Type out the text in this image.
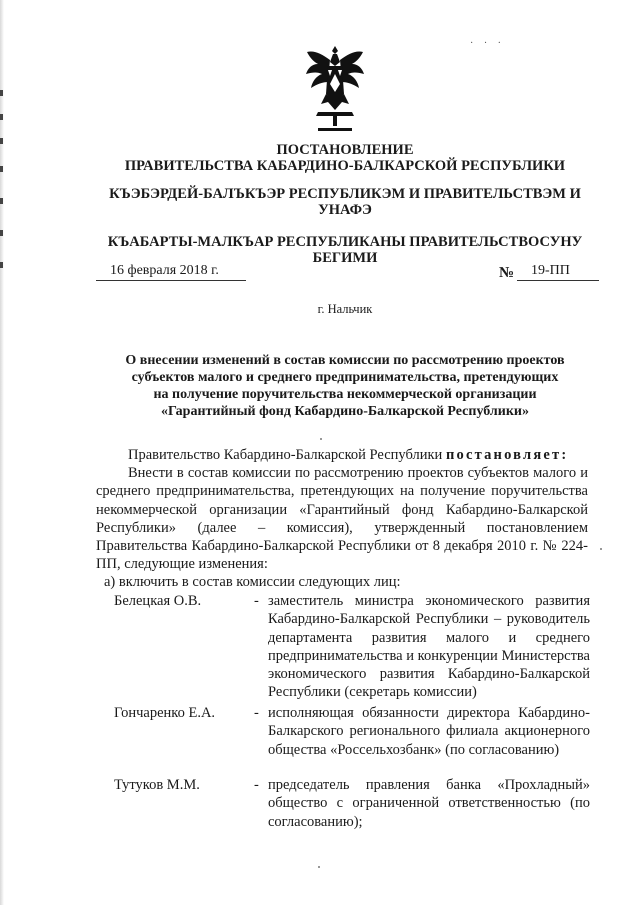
· · ·
ПОСТАНОВЛЕНИЕ
ПРАВИТЕЛЬСТВА КАБАРДИНО-БАЛКАРСКОЙ РЕСПУБЛИКИ
КЪЭБЭРДЕЙ-БАЛЪКЪЭР РЕСПУБЛИКЭМ И ПРАВИТЕЛЬСТВЭМ И
УНАФЭ
КЪАБАРТЫ-МАЛКЪАР РЕСПУБЛИКАНЫ ПРАВИТЕЛЬСТВОСУНУ
БЕГИМИ
16 февраля 2018 г.	№	19-ПП
г. Нальчик
О внесении изменений в состав комиссии по рассмотрению проектов
субъектов малого и среднего предпринимательства, претендующих
на получение поручительства некоммерческой организации
«Гарантийный фонд Кабардино-Балкарской Республики»
Правительство Кабардино-Балкарской Республики постановляет:
Внести в состав комиссии по рассмотрению проектов субъектов малого и среднего предпринимательства, претендующих на получение поручительства некоммерческой организации «Гарантийный фонд Кабардино-Балкарской Республики» (далее – комиссия), утвержденный постановлением Правительства Кабардино-Балкарской Республики от 8 декабря 2010 г. № 224-ПП, следующие изменения:
а) включить в состав комиссии следующих лиц:
Белецкая О.В.	- заместитель министра экономического развития Кабардино-Балкарской Республики – руководитель департамента развития малого и среднего предпринимательства и конкуренции Министерства экономического развития Кабардино-Балкарской Республики (секретарь комиссии)
Гончаренко Е.А.	- исполняющая обязанности директора Кабардино-Балкарского регионального филиала акционерного общества «Россельхозбанк» (по согласованию)
Тутуков М.М.	- председатель правления банка «Прохладный» общество с ограниченной ответственностью (по согласованию);
